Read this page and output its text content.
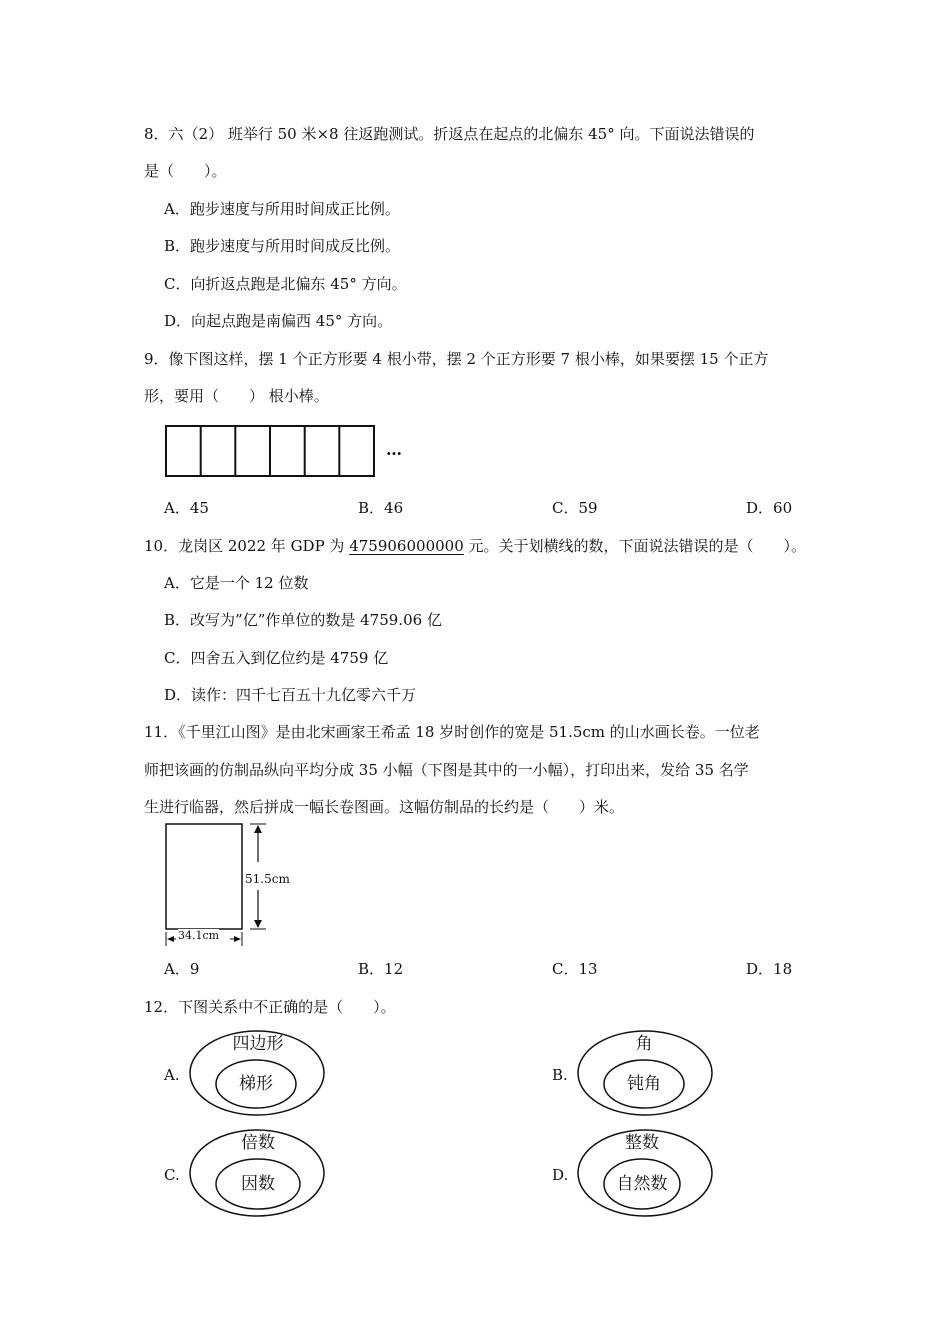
8．六（2） 班举行 50 米×8 往返跑测试。折返点在起点的北偏东 45° 向。下面说法错误的
是（　　）。
A．跑步速度与所用时间成正比例。
B．跑步速度与所用时间成反比例。
C．向折返点跑是北偏东 45° 方向。
D．向起点跑是南偏西 45° 方向。
9．像下图这样，摆 1 个正方形要 4 根小带，摆 2 个正方形要 7 根小棒，如果要摆 15 个正方
形，要用（　　） 根小棒。
…
A．45	B．46	C．59	D．60
10．龙岗区 2022 年 GDP 为 475906000000 元。关于划横线的数，下面说法错误的是（　　）。
A．它是一个 12 位数
B．改写为”亿”作单位的数是 4759.06 亿
C．四舍五入到亿位约是 4759 亿
D．读作：四千七百五十九亿零六千万
11．《千里江山图》是由北宋画家王希孟 18 岁时创作的宽是 51.5cm 的山水画长卷。一位老
师把该画的仿制品纵向平均分成 35 小幅（下图是其中的一小幅），打印出来，发给 35 名学
生进行临器，然后拼成一幅长卷图画。这幅仿制品的长约是（　　）米。
51.5cm
34.1cm
A．9	B．12	C．13	D．18
12．下图关系中不正确的是（　　）。
A.
四边形
梯形	B.
角
钝角
C.
倍数
因数	D.
整数
自然数
